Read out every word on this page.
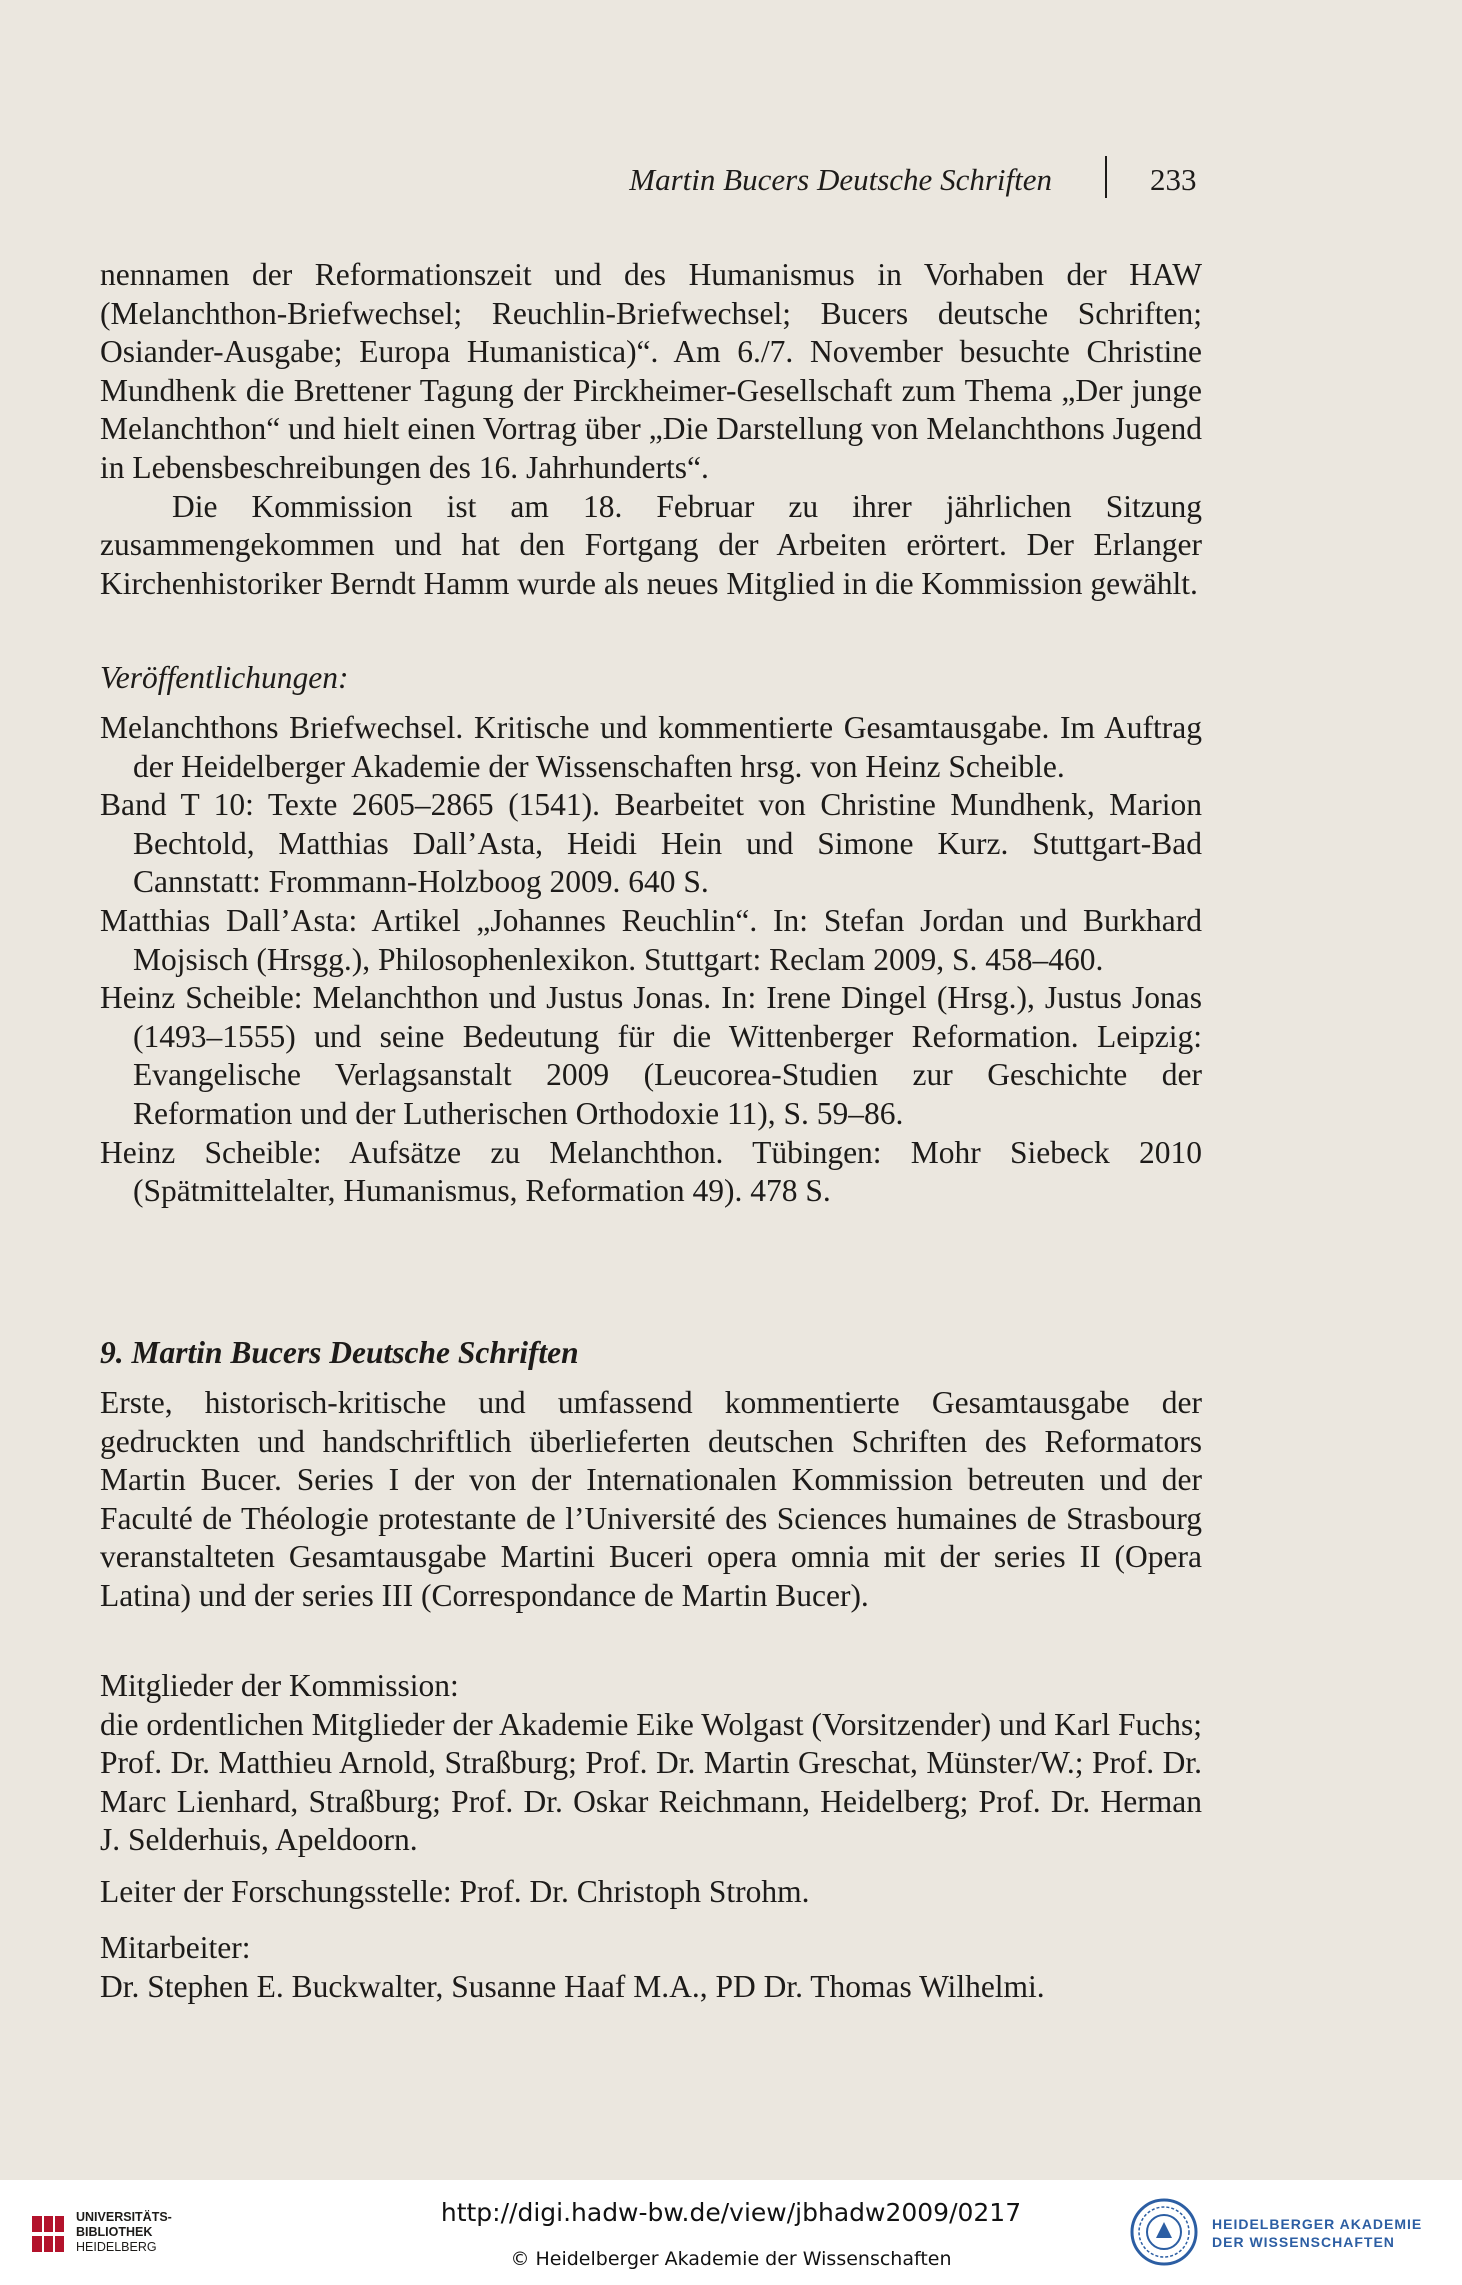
Martin Bucers Deutsche Schriften	233

nennamen der Reformationszeit und des Humanismus in Vorhaben der HAW (Melanchthon-Briefwechsel; Reuchlin-Briefwechsel; Bucers deutsche Schriften; Osiander-Ausgabe; Europa Humanistica)“. Am 6./7. November besuchte Christine Mundhenk die Brettener Tagung der Pirckheimer-Gesellschaft zum Thema „Der junge Melanchthon“ und hielt einen Vortrag über „Die Darstellung von Melanchthons Jugend in Lebensbeschreibungen des 16. Jahrhunderts“.

Die Kommission ist am 18. Februar zu ihrer jährlichen Sitzung zusammengekommen und hat den Fortgang der Arbeiten erörtert. Der Erlanger Kirchenhistoriker Berndt Hamm wurde als neues Mitglied in die Kommission gewählt.

Veröffentlichungen:

Melanchthons Briefwechsel. Kritische und kommentierte Gesamtausgabe. Im Auftrag der Heidelberger Akademie der Wissenschaften hrsg. von Heinz Scheible.

Band T 10: Texte 2605–2865 (1541). Bearbeitet von Christine Mundhenk, Marion Bechtold, Matthias Dall’Asta, Heidi Hein und Simone Kurz. Stuttgart-Bad Cannstatt: Frommann-Holzboog 2009. 640 S.

Matthias Dall’Asta: Artikel „Johannes Reuchlin“. In: Stefan Jordan und Burkhard Mojsisch (Hrsgg.), Philosophenlexikon. Stuttgart: Reclam 2009, S. 458–460.

Heinz Scheible: Melanchthon und Justus Jonas. In: Irene Dingel (Hrsg.), Justus Jonas (1493–1555) und seine Bedeutung für die Wittenberger Reformation. Leipzig: Evangelische Verlagsanstalt 2009 (Leucorea-Studien zur Geschichte der Reformation und der Lutherischen Orthodoxie 11), S. 59–86.

Heinz Scheible: Aufsätze zu Melanchthon. Tübingen: Mohr Siebeck 2010 (Spätmittelalter, Humanismus, Reformation 49). 478 S.

9. Martin Bucers Deutsche Schriften

Erste, historisch-kritische und umfassend kommentierte Gesamtausgabe der gedruckten und handschriftlich überlieferten deutschen Schriften des Reformators Martin Bucer. Series I der von der Internationalen Kommission betreuten und der Faculté de Théologie protestante de l’Université des Sciences humaines de Strasbourg veranstalteten Gesamtausgabe Martini Buceri opera omnia mit der series II (Opera Latina) und der series III (Correspondance de Martin Bucer).

Mitglieder der Kommission:

die ordentlichen Mitglieder der Akademie Eike Wolgast (Vorsitzender) und Karl Fuchs; Prof. Dr. Matthieu Arnold, Straßburg; Prof. Dr. Martin Greschat, Münster/W.; Prof. Dr. Marc Lienhard, Straßburg; Prof. Dr. Oskar Reichmann, Heidelberg; Prof. Dr. Herman J. Selderhuis, Apeldoorn.

Leiter der Forschungsstelle: Prof. Dr. Christoph Strohm.

Mitarbeiter:

Dr. Stephen E. Buckwalter, Susanne Haaf M.A., PD Dr. Thomas Wilhelmi.

UNIVERSITÄTS-
BIBLIOTHEK
HEIDELBERG
http://digi.hadw-bw.de/view/jbhadw2009/0217
© Heidelberger Akademie der Wissenschaften
HEIDELBERGER AKADEMIE
DER WISSENSCHAFTEN
